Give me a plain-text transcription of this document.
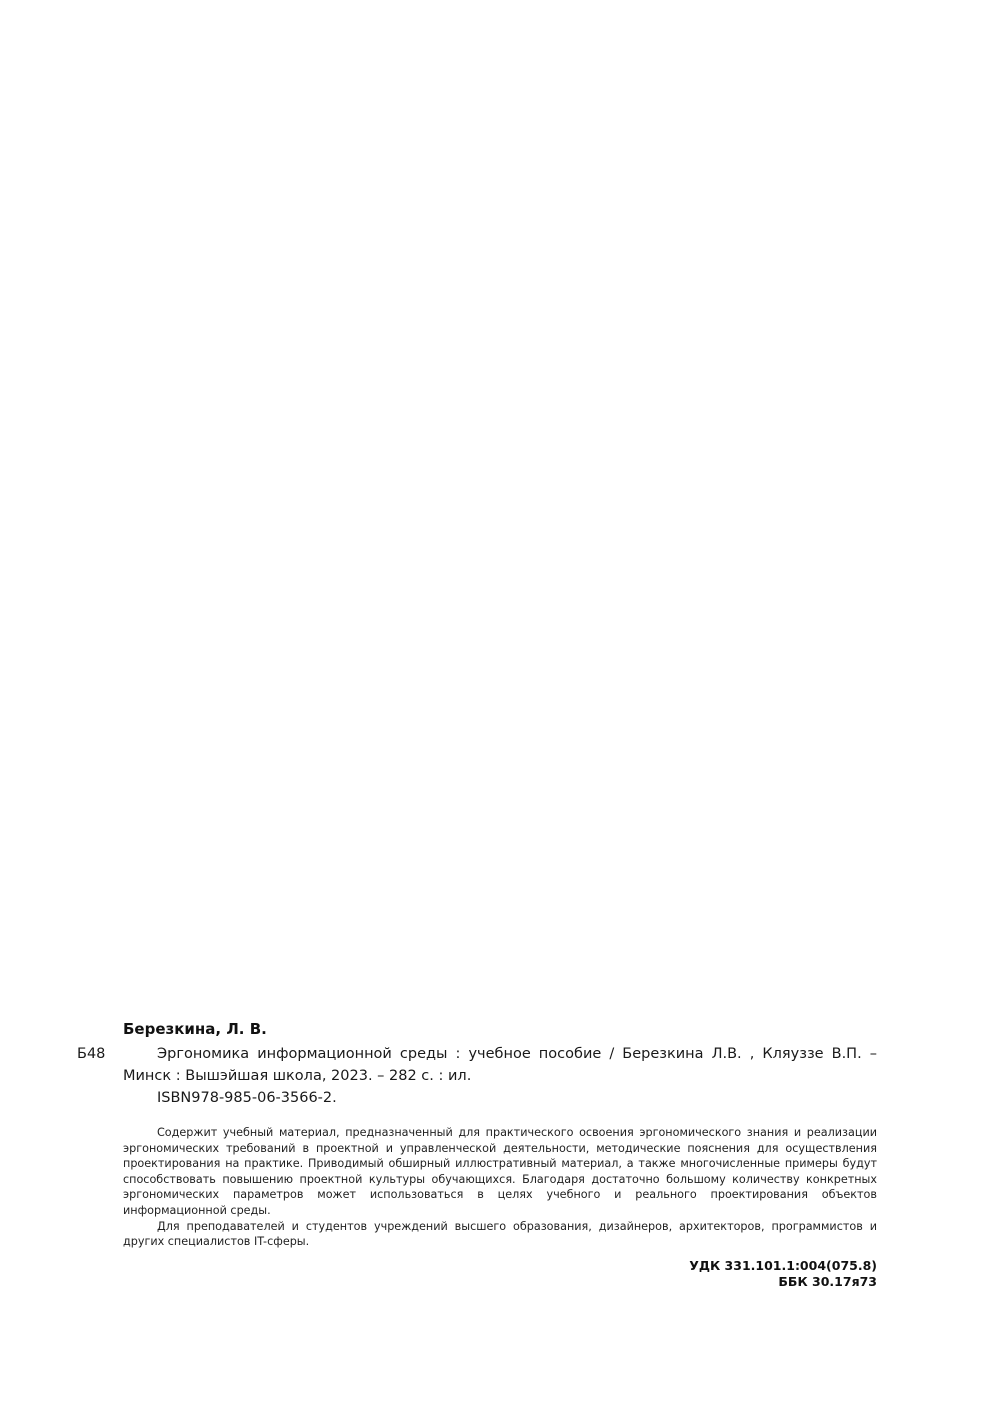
Березкина, Л. В.

Б48	Эргономика информационной среды : учебное пособие / Березкина Л.В. , Кляуззе В.П. – Минск : Вышэйшая школа, 2023. – 282 с. : ил.

ISBN978-985-06-3566-2.

Содержит учебный материал, предназначенный для практического освоения эргономического знания и реализации эргономических требований в проектной и управленческой деятельности, методические пояснения для осуществления проектирования на практике. Приводимый обширный иллюстративный материал, а также многочисленные примеры будут способствовать повышению проектной культуры обучающихся. Благодаря достаточно большому количеству конкретных эргономических параметров может использоваться в целях учебного и реального проектирования объектов информационной среды.

Для преподавателей и студентов учреждений высшего образования, дизайнеров, архитекторов, программистов и других специалистов IT-сферы.

УДК 331.101.1:004(075.8)
ББК 30.17я73
